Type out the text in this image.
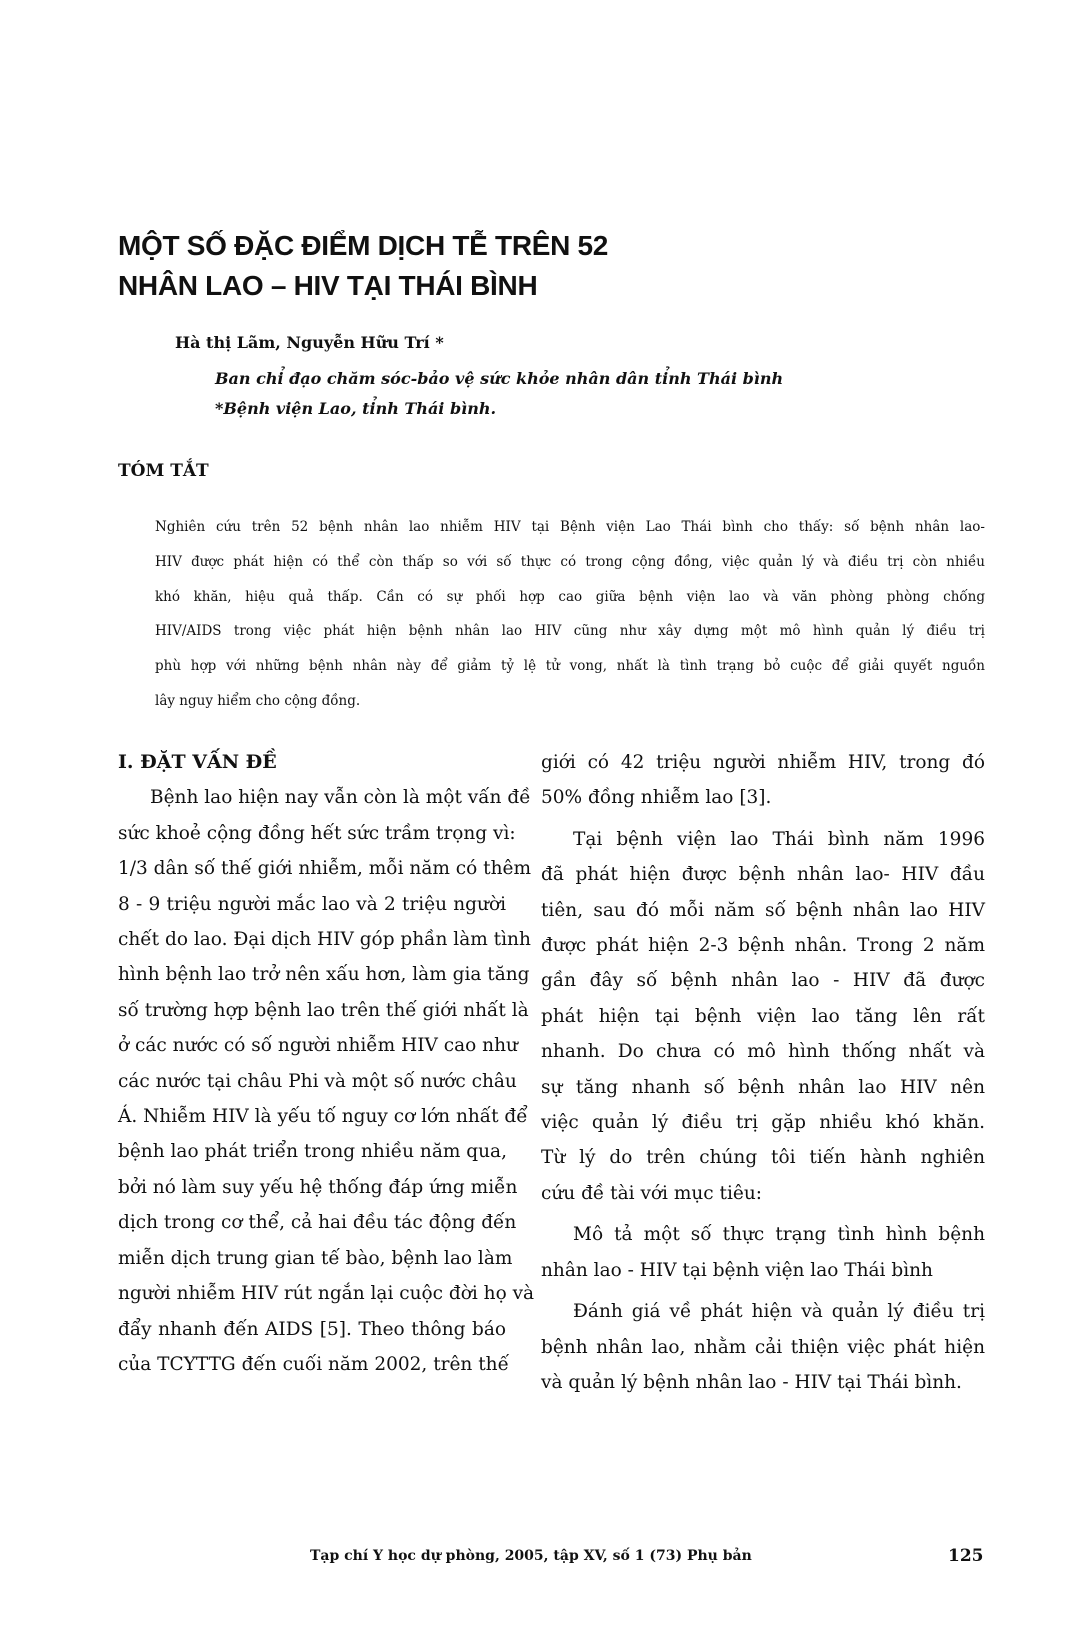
MỘT SỐ ĐẶC ĐIỂM DỊCH TỄ TRÊN 52
NHÂN LAO – HIV TẠI THÁI BÌNH
Hà thị Lãm, Nguyễn Hữu Trí *
Ban chỉ đạo chăm sóc-bảo vệ sức khỏe nhân dân tỉnh Thái bình
*Bệnh viện Lao, tỉnh Thái bình.
TÓM TẮT
Nghiên cứu trên 52 bệnh nhân lao nhiễm HIV tại Bệnh viện Lao Thái bình cho thấy: số bệnh nhân lao-
HIV được phát hiện có thể còn thấp so với số thực có trong cộng đồng, việc quản lý và điều trị còn nhiều
khó khăn, hiệu quả thấp. Cần có sự phối hợp cao giữa bệnh viện lao và văn phòng phòng chống
HIV/AIDS trong việc phát hiện bệnh nhân lao HIV cũng như xây dựng một mô hình quản lý điều trị
phù hợp với những bệnh nhân này để giảm tỷ lệ tử vong, nhất là tình trạng bỏ cuộc để giải quyết nguồn
lây nguy hiểm cho cộng đồng.
I. ĐẶT VẤN ĐỀ
Bệnh lao hiện nay vẫn còn là một vấn đề
sức khoẻ cộng đồng hết sức trầm trọng vì:
1/3 dân số thế giới nhiễm, mỗi năm có thêm
8 - 9 triệu người mắc lao và 2 triệu người
chết do lao. Đại dịch HIV góp phần làm tình
hình bệnh lao trở nên xấu hơn, làm gia tăng
số trường hợp bệnh lao trên thế giới nhất là
ở các nước có số người nhiễm HIV cao như
các nước tại châu Phi và một số nước châu
Á. Nhiễm HIV là yếu tố nguy cơ lớn nhất để
bệnh lao phát triển trong nhiều năm qua,
bởi nó làm suy yếu hệ thống đáp ứng miễn
dịch trong cơ thể, cả hai đều tác động đến
miễn dịch trung gian tế bào, bệnh lao làm
người nhiễm HIV rút ngắn lại cuộc đời họ và
đẩy nhanh đến AIDS [5]. Theo thông báo
của TCYTTG đến cuối năm 2002, trên thế
giới có 42 triệu người nhiễm HIV, trong đó
50% đồng nhiễm lao [3].
Tại bệnh viện lao Thái bình năm 1996
đã phát hiện được bệnh nhân lao- HIV đầu
tiên, sau đó mỗi năm số bệnh nhân lao HIV
được phát hiện 2-3 bệnh nhân. Trong 2 năm
gần đây số bệnh nhân lao - HIV đã được
phát hiện tại bệnh viện lao tăng lên rất
nhanh. Do chưa có mô hình thống nhất và
sự tăng nhanh số bệnh nhân lao HIV nên
việc quản lý điều trị gặp nhiều khó khăn.
Từ lý do trên chúng tôi tiến hành nghiên
cứu đề tài với mục tiêu:
Mô tả một số thực trạng tình hình bệnh
nhân lao - HIV tại bệnh viện lao Thái bình
Đánh giá về phát hiện và quản lý điều trị
bệnh nhân lao, nhằm cải thiện việc phát hiện
và quản lý bệnh nhân lao - HIV tại Thái bình.
Tạp chí Y học dự phòng, 2005, tập XV, số 1 (73) Phụ bản	125
